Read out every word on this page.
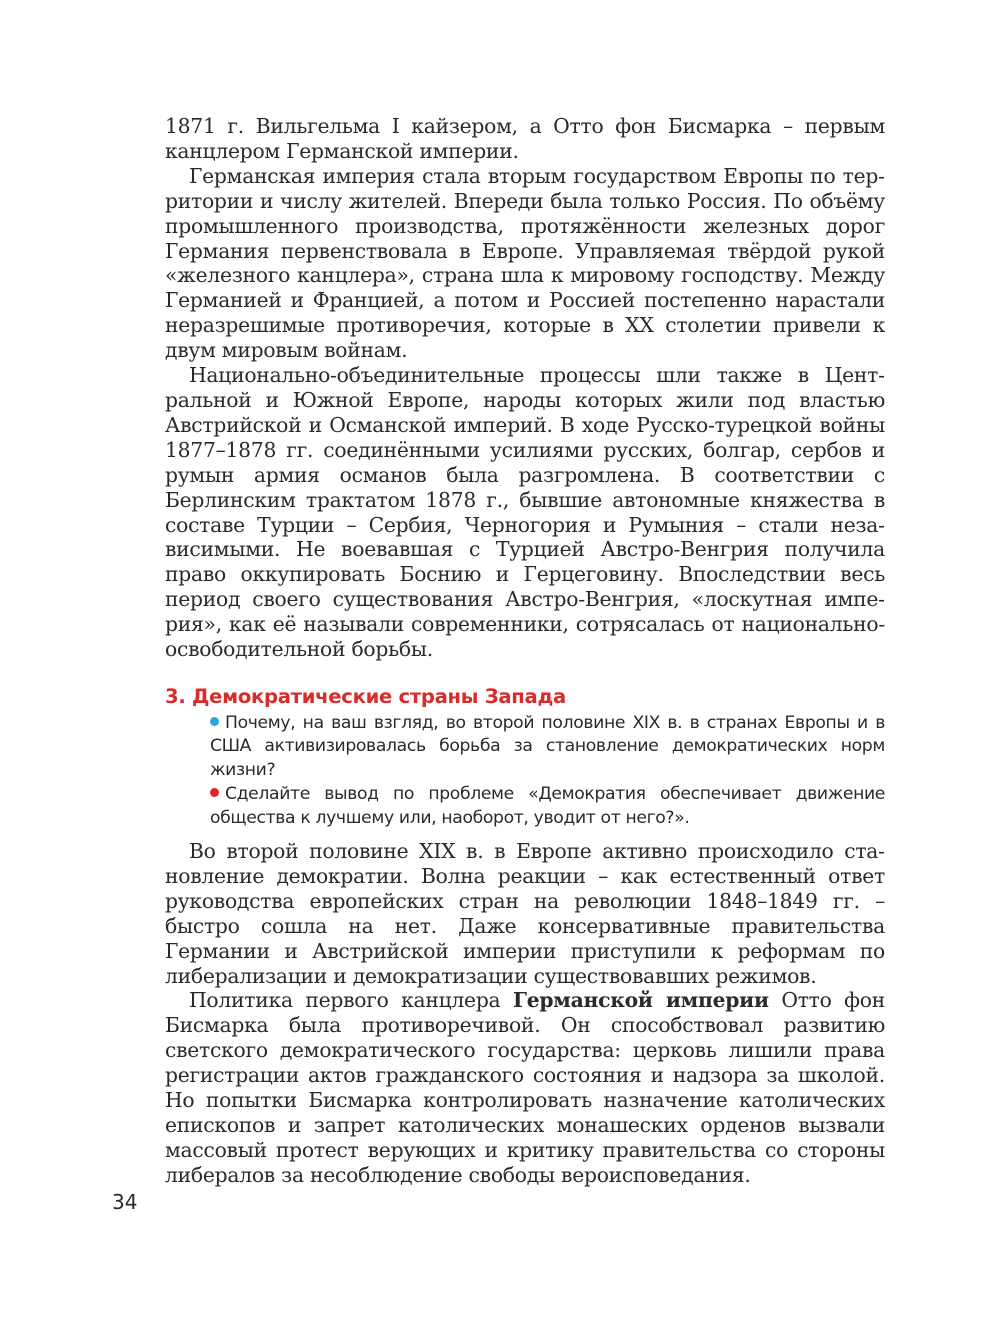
1871 г. Вильгельма I кайзером, а Отто фон Бисмарка – первым канцлером Германской империи.

Германская империя стала вторым государством Европы по территории и числу жителей. Впереди была только Россия. По объёму промышленного производства, протяжённости железных дорог Германия первенствовала в Европе. Управляемая твёрдой рукой «железного канцлера», страна шла к мировому господству. Между Германией и Францией, а потом и Россией постепенно нарастали неразрешимые противоречия, которые в XX столетии привели к двум мировым войнам.

Национально-объединительные процессы шли также в Центральной и Южной Европе, народы которых жили под властью Австрийской и Османской империй. В ходе Русско-турецкой войны 1877–1878 гг. соединёнными усилиями русских, болгар, сербов и румын армия османов была разгромлена. В соответствии с Берлинским трактатом 1878 г., бывшие автономные княжества в составе Турции – Сербия, Черногория и Румыния – стали независимыми. Не воевавшая с Турцией Австро-Венгрия получила право оккупировать Боснию и Герцеговину. Впоследствии весь период своего существования Австро-Венгрия, «лоскутная империя», как её называли современники, сотрясалась от национально-освободительной борьбы.

3. Демократические страны Запада

Почему, на ваш взгляд, во второй половине XIX в. в странах Европы и в США активизировалась борьба за становление демократических норм жизни?

Сделайте вывод по проблеме «Демократия обеспечивает движение общества к лучшему или, наоборот, уводит от него?».

Во второй половине XIX в. в Европе активно происходило становление демократии. Волна реакции – как естественный ответ руководства европейских стран на революции 1848–1849 гг. – быстро сошла на нет. Даже консервативные правительства Германии и Австрийской империи приступили к реформам по либерализации и демократизации существовавших режимов.

Политика первого канцлера Германской империи Отто фон Бисмарка была противоречивой. Он способствовал развитию светского демократического государства: церковь лишили права регистрации актов гражданского состояния и надзора за школой. Но попытки Бисмарка контролировать назначение католических епископов и запрет католических монашеских орденов вызвали массовый протест верующих и критику правительства со стороны либералов за несоблюдение свободы вероисповедания.

34
